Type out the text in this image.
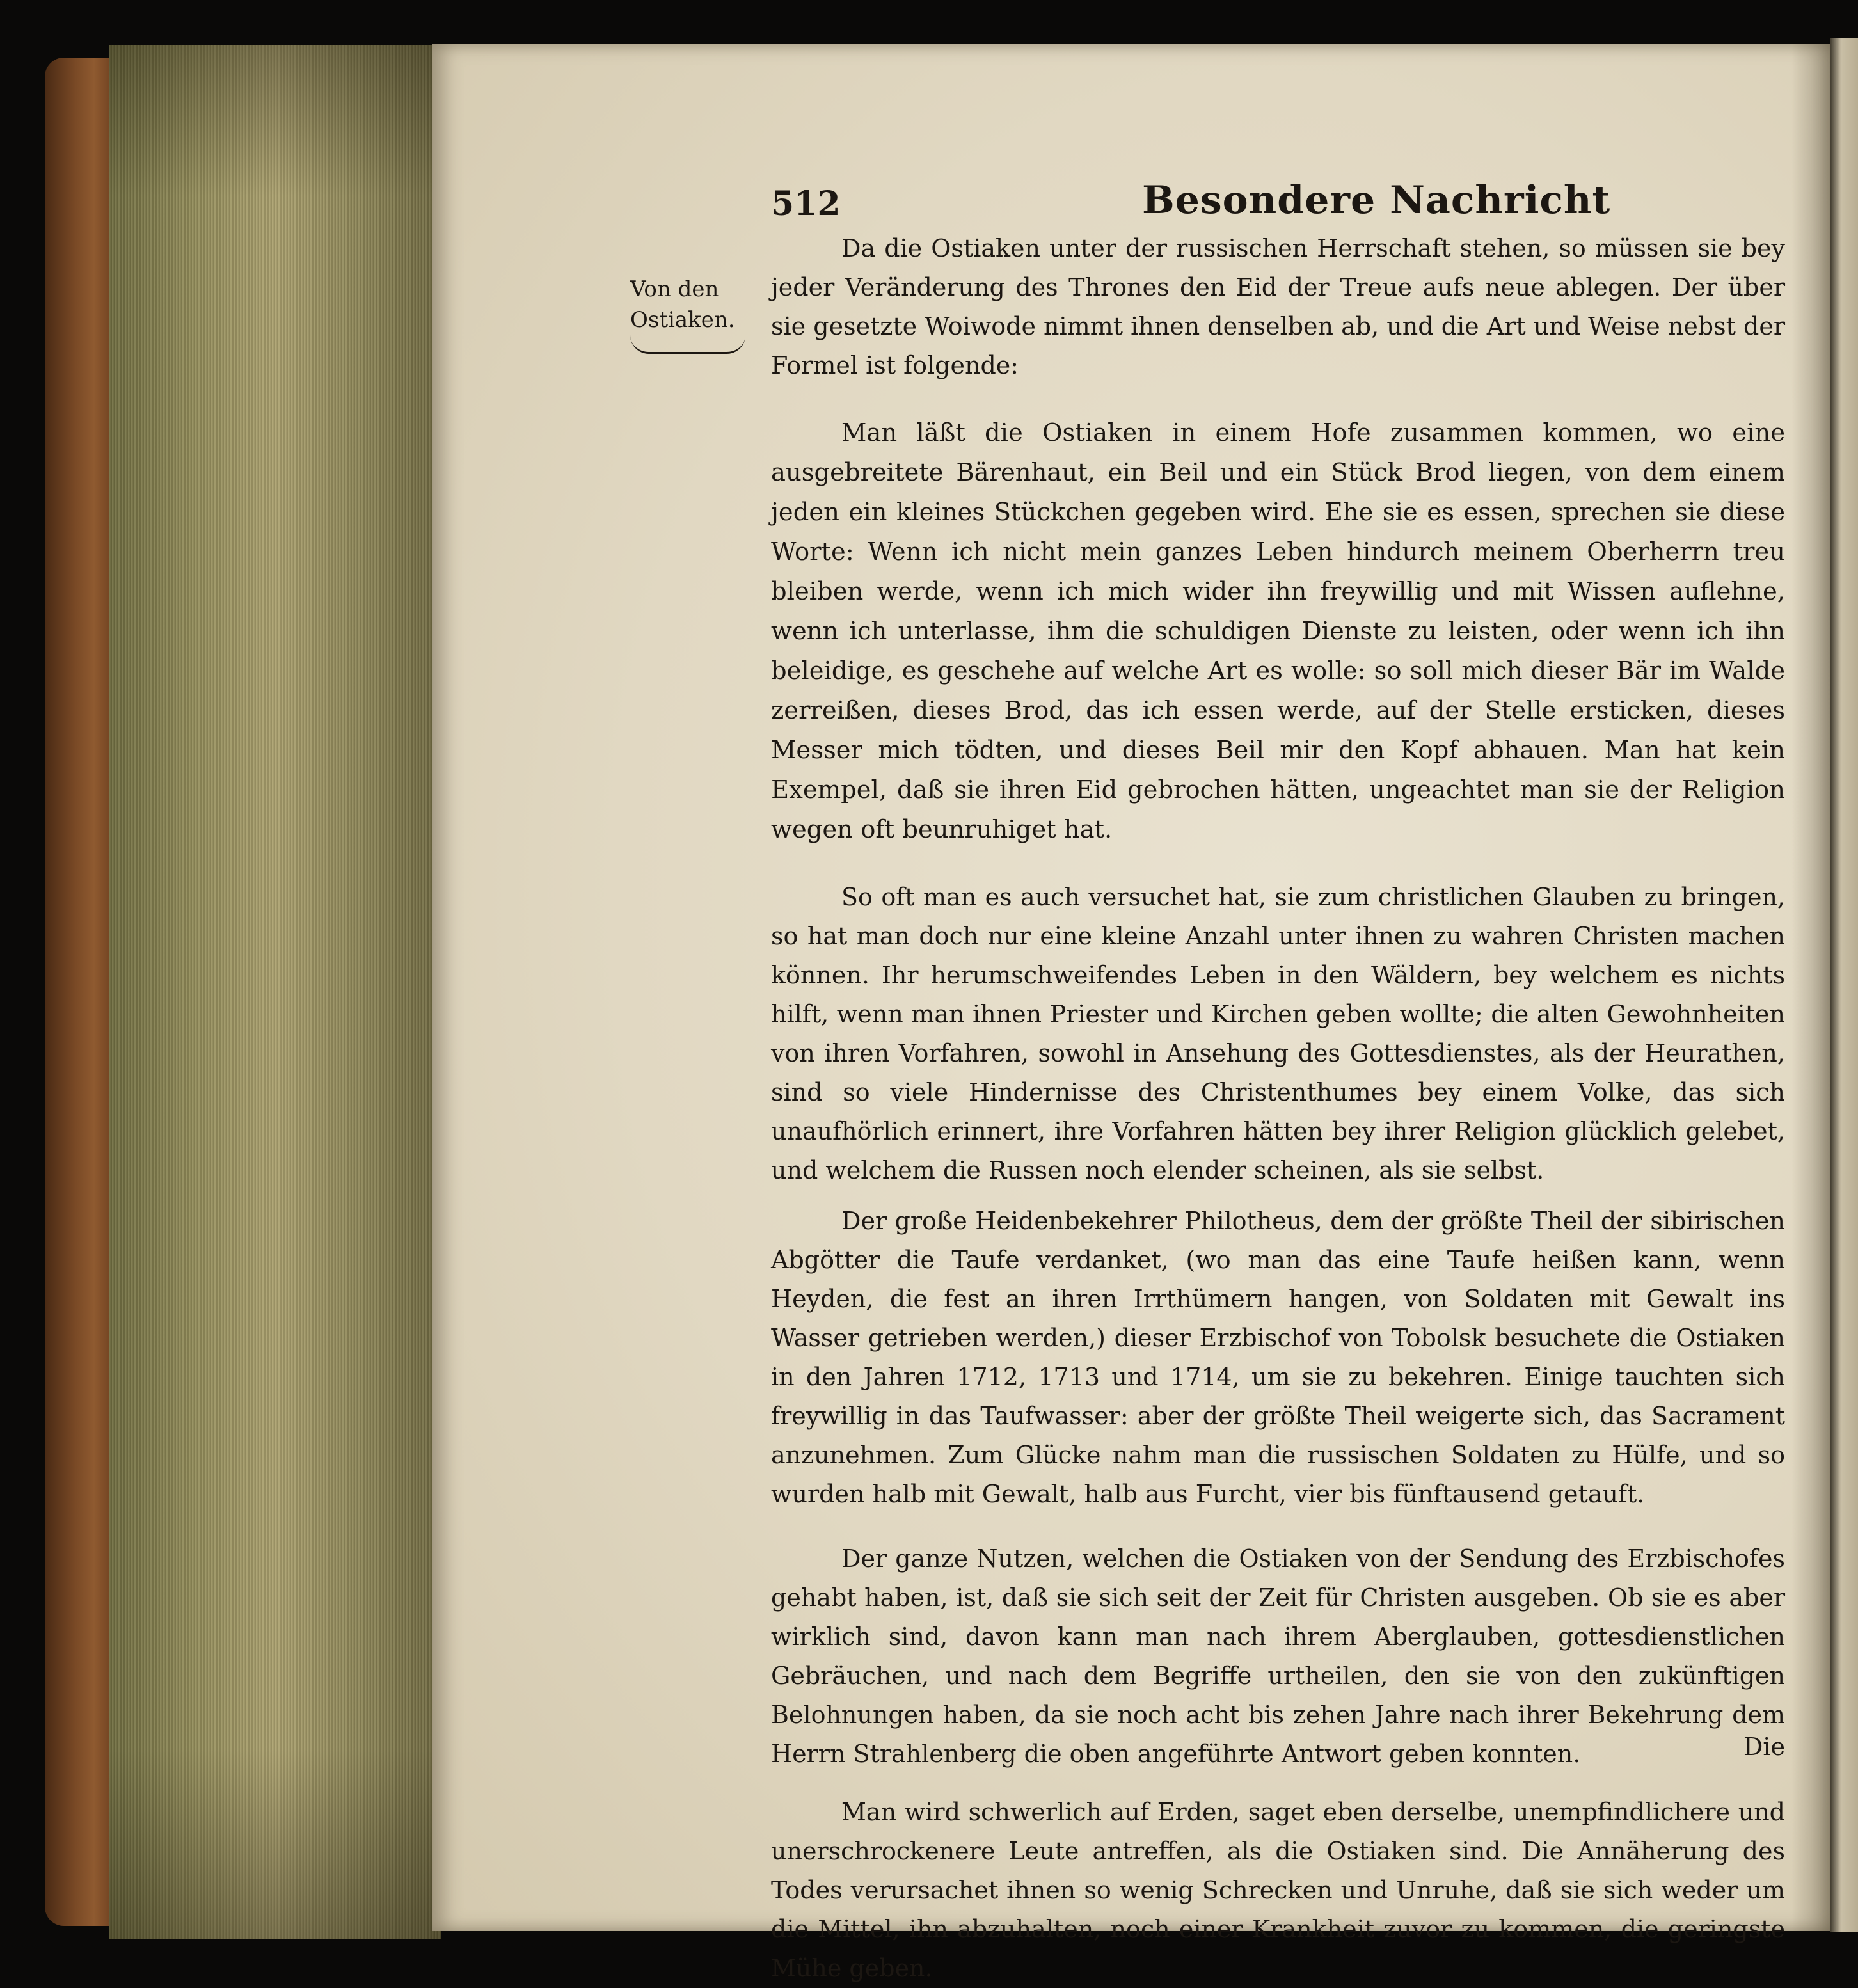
Von den Ostiaken.
512	Besondere Nachricht

Da die Ostiaken unter der russischen Herrschaft stehen, so müssen sie bey jeder Veränderung des Thrones den Eid der Treue aufs neue ablegen. Der über sie gesetzte Woiwode nimmt ihnen denselben ab, und die Art und Weise nebst der Formel ist folgende:

Man läßt die Ostiaken in einem Hofe zusammen kommen, wo eine ausgebreitete Bärenhaut, ein Beil und ein Stück Brod liegen, von dem einem jeden ein kleines Stückchen gegeben wird. Ehe sie es essen, sprechen sie diese Worte: Wenn ich nicht mein ganzes Leben hindurch meinem Oberherrn treu bleiben werde, wenn ich mich wider ihn freywillig und mit Wissen auflehne, wenn ich unterlasse, ihm die schuldigen Dienste zu leisten, oder wenn ich ihn beleidige, es geschehe auf welche Art es wolle: so soll mich dieser Bär im Walde zerreißen, dieses Brod, das ich essen werde, auf der Stelle ersticken, dieses Messer mich tödten, und dieses Beil mir den Kopf abhauen. Man hat kein Exempel, daß sie ihren Eid gebrochen hätten, ungeachtet man sie der Religion wegen oft beunruhiget hat.

So oft man es auch versuchet hat, sie zum christlichen Glauben zu bringen, so hat man doch nur eine kleine Anzahl unter ihnen zu wahren Christen machen können. Ihr herumschweifendes Leben in den Wäldern, bey welchem es nichts hilft, wenn man ihnen Priester und Kirchen geben wollte; die alten Gewohnheiten von ihren Vorfahren, sowohl in Ansehung des Gottesdienstes, als der Heurathen, sind so viele Hindernisse des Christenthumes bey einem Volke, das sich unaufhörlich erinnert, ihre Vorfahren hätten bey ihrer Religion glücklich gelebet, und welchem die Russen noch elender scheinen, als sie selbst.

Der große Heidenbekehrer Philotheus, dem der größte Theil der sibirischen Abgötter die Taufe verdanket, (wo man das eine Taufe heißen kann, wenn Heyden, die fest an ihren Irrthümern hangen, von Soldaten mit Gewalt ins Wasser getrieben werden,) dieser Erzbischof von Tobolsk besuchete die Ostiaken in den Jahren 1712, 1713 und 1714, um sie zu bekehren. Einige tauchten sich freywillig in das Taufwasser: aber der größte Theil weigerte sich, das Sacrament anzunehmen. Zum Glücke nahm man die russischen Soldaten zu Hülfe, und so wurden halb mit Gewalt, halb aus Furcht, vier bis fünftausend getauft.

Der ganze Nutzen, welchen die Ostiaken von der Sendung des Erzbischofes gehabt haben, ist, daß sie sich seit der Zeit für Christen ausgeben. Ob sie es aber wirklich sind, davon kann man nach ihrem Aberglauben, gottesdienstlichen Gebräuchen, und nach dem Begriffe urtheilen, den sie von den zukünftigen Belohnungen haben, da sie noch acht bis zehen Jahre nach ihrer Bekehrung dem Herrn Strahlenberg die oben angeführte Antwort geben konnten.

Man wird schwerlich auf Erden, saget eben derselbe, unempfindlichere und unerschrockenere Leute antreffen, als die Ostiaken sind. Die Annäherung des Todes verursachet ihnen so wenig Schrecken und Unruhe, daß sie sich weder um die Mittel, ihn abzuhalten, noch einer Krankheit zuvor zu kommen, die geringste Mühe geben.

Die
